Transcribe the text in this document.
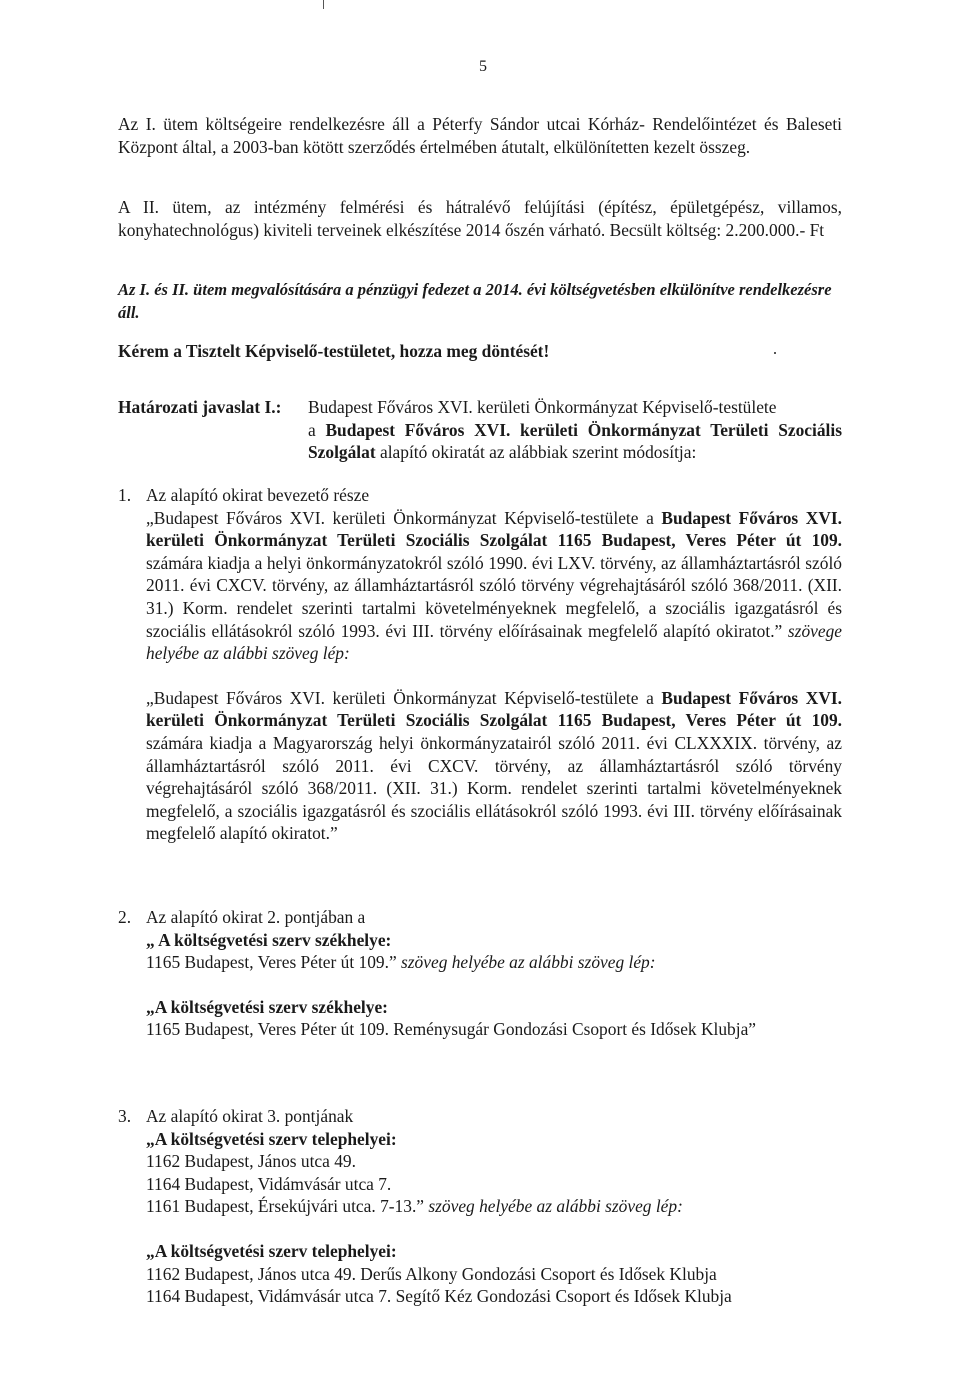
5

Az I. ütem költségeire rendelkezésre áll a Péterfy Sándor utcai Kórház- Rendelőintézet és Baleseti Központ által, a 2003-ban kötött szerződés értelmében átutalt, elkülönítetten kezelt összeg.

A II. ütem, az intézmény felmérési és hátralévő felújítási (építész, épületgépész, villamos, konyhatechnológus) kiviteli terveinek elkészítése 2014 őszén várható. Becsült költség: 2.200.000.- Ft

Az I. és II. ütem megvalósítására a pénzügyi fedezet a 2014. évi költségvetésben elkülönítve rendelkezésre áll.

Kérem a Tisztelt Képviselő-testületet, hozza meg döntését!

Határozati javaslat I.:	Budapest Főváros XVI. kerületi Önkormányzat Képviselő-testülete

a Budapest Főváros XVI. kerületi Önkormányzat Területi Szociális Szolgálat alapító okiratát az alábbiak szerint módosítja:

1. Az alapító okirat bevezető része

„Budapest Főváros XVI. kerületi Önkormányzat Képviselő-testülete a Budapest Főváros XVI. kerületi Önkormányzat Területi Szociális Szolgálat 1165 Budapest, Veres Péter út 109. számára kiadja a helyi önkormányzatokról szóló 1990. évi LXV. törvény, az államháztartásról szóló 2011. évi CXCV. törvény, az államháztartásról szóló törvény végrehajtásáról szóló 368/2011. (XII. 31.) Korm. rendelet szerinti tartalmi követelményeknek megfelelő, a szociális igazgatásról és szociális ellátásokról szóló 1993. évi III. törvény előírásainak megfelelő alapító okiratot.” szövege helyébe az alábbi szöveg lép:

„Budapest Főváros XVI. kerületi Önkormányzat Képviselő-testülete a Budapest Főváros XVI. kerületi Önkormányzat Területi Szociális Szolgálat 1165 Budapest, Veres Péter út 109. számára kiadja a Magyarország helyi önkormányzatairól szóló 2011. évi CLXXXIX. törvény, az államháztartásról szóló 2011. évi CXCV. törvény, az államháztartásról szóló törvény végrehajtásáról szóló 368/2011. (XII. 31.) Korm. rendelet szerinti tartalmi követelményeknek megfelelő, a szociális igazgatásról és szociális ellátásokról szóló 1993. évi III. törvény előírásainak megfelelő alapító okiratot.”

2. Az alapító okirat 2. pontjában a

„ A költségvetési szerv székhelye:

1165 Budapest, Veres Péter út 109.” szöveg helyébe az alábbi szöveg lép:

„A költségvetési szerv székhelye:

1165 Budapest, Veres Péter út 109. Reménysugár Gondozási Csoport és Idősek Klubja”

3. Az alapító okirat 3. pontjának

„A költségvetési szerv telephelyei:

1162 Budapest, János utca 49.

1164 Budapest, Vidámvásár utca 7.

1161 Budapest, Érsekújvári utca. 7-13.” szöveg helyébe az alábbi szöveg lép:

„A költségvetési szerv telephelyei:

1162 Budapest, János utca 49. Derűs Alkony Gondozási Csoport és Idősek Klubja

1164 Budapest, Vidámvásár utca 7. Segítő Kéz Gondozási Csoport és Idősek Klubja
